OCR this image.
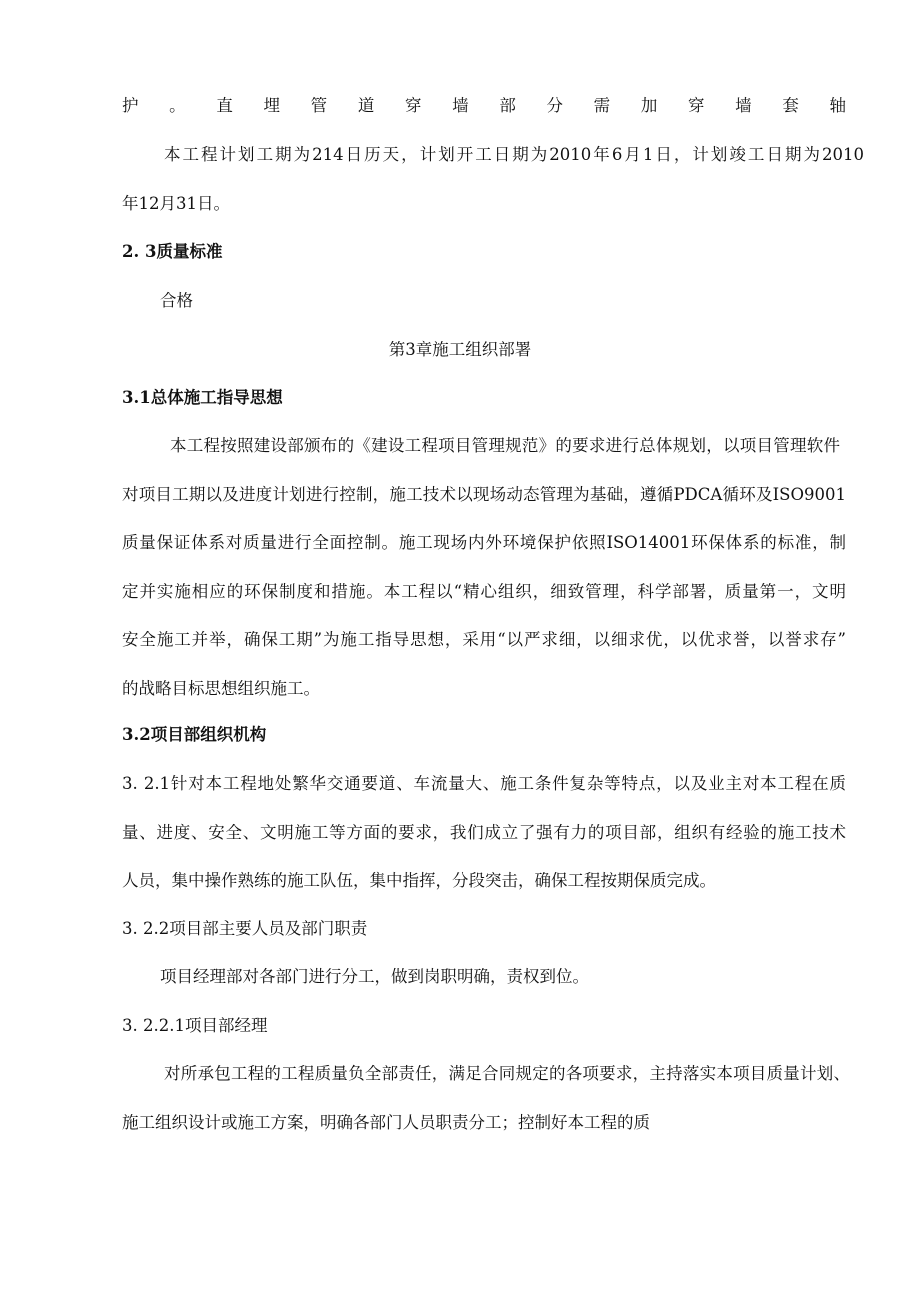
护 。 直 埋 管 道 穿 墙 部 分 需 加 穿 墙 套 轴

本工程计划工期为214日历天，计划开工日期为2010年6月1日，计划竣工日期为2010

年12月31日。

2. 3质量标准

合格

第3章施工组织部署

3.1总体施工指导思想

本工程按照建设部颁布的《建设工程项目管理规范》的要求进行总体规划，以项目管理软件

对项目工期以及进度计划进行控制，施工技术以现场动态管理为基础，遵循PDCA循环及ISO9001

质量保证体系对质量进行全面控制。施工现场内外环境保护依照ISO14001环保体系的标准，制

定并实施相应的环保制度和措施。本工程以“精心组织，细致管理，科学部署，质量第一，文明

安全施工并举，确保工期”为施工指导思想，采用“以严求细，以细求优，以优求誉，以誉求存”

的战略目标思想组织施工。

3.2项目部组织机构

3. 2.1针对本工程地处繁华交通要道、车流量大、施工条件复杂等特点，以及业主对本工程在质

量、进度、安全、文明施工等方面的要求，我们成立了强有力的项目部，组织有经验的施工技术

人员，集中操作熟练的施工队伍，集中指挥，分段突击，确保工程按期保质完成。

3. 2.2项目部主要人员及部门职责

项目经理部对各部门进行分工，做到岗职明确，责权到位。

3. 2.2.1项目部经理

对所承包工程的工程质量负全部责任，满足合同规定的各项要求，主持落实本项目质量计划、

施工组织设计或施工方案，明确各部门人员职责分工；控制好本工程的质
